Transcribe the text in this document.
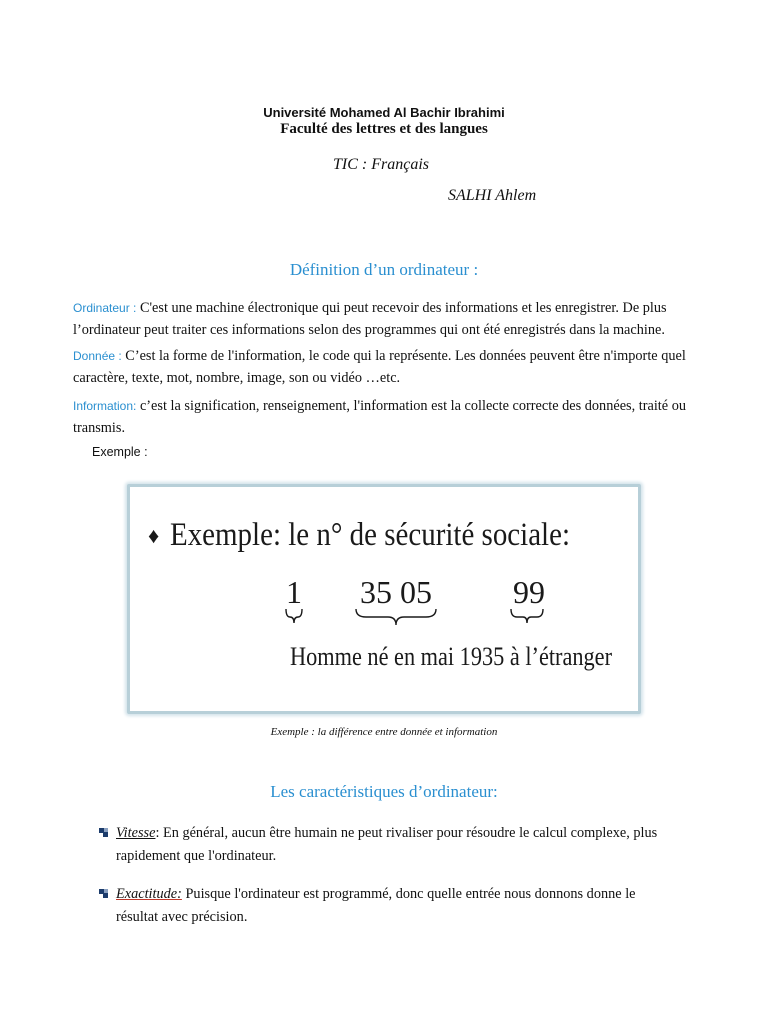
Université Mohamed Al Bachir Ibrahimi
Faculté des lettres et des langues
TIC : Français
SALHI Ahlem
Définition d’un ordinateur :
Ordinateur : C'est une machine électronique qui peut recevoir des informations et les enregistrer. De plus l’ordinateur peut traiter ces informations selon des programmes qui ont été enregistrés dans la machine.
Donnée : C’est la forme de l'information, le code qui la représente. Les données peuvent être n'importe quel caractère, texte, mot, nombre, image, son ou vidéo …etc.
Information: c’est la signification, renseignement, l'information est la collecte correcte des données, traité ou transmis.
Exemple :
♦ Exemple: le n° de sécurité sociale:
1 35 05	99
Homme né en mai 1935 à l’étranger
Exemple : la différence entre donnée et information
Les caractéristiques d’ordinateur:
Vitesse: En général, aucun être humain ne peut rivaliser pour résoudre le calcul complexe, plus rapidement que l'ordinateur.
Exactitude: Puisque l'ordinateur est programmé, donc quelle entrée nous donnons donne le résultat avec précision.
